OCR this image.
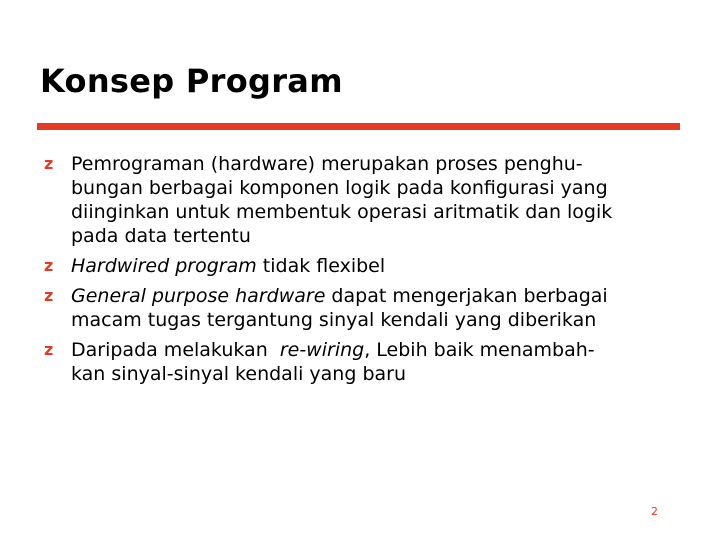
Konsep Program
z Pemrograman (hardware) merupakan proses penghu-
bungan berbagai komponen logik pada konfigurasi yang
diinginkan untuk membentuk operasi aritmatik dan logik
pada data tertentu
z Hardwired program tidak flexibel
z General purpose hardware dapat mengerjakan berbagai
macam tugas tergantung sinyal kendali yang diberikan
z Daripada melakukan  re-wiring, Lebih baik menambah-
kan sinyal-sinyal kendali yang baru
2
